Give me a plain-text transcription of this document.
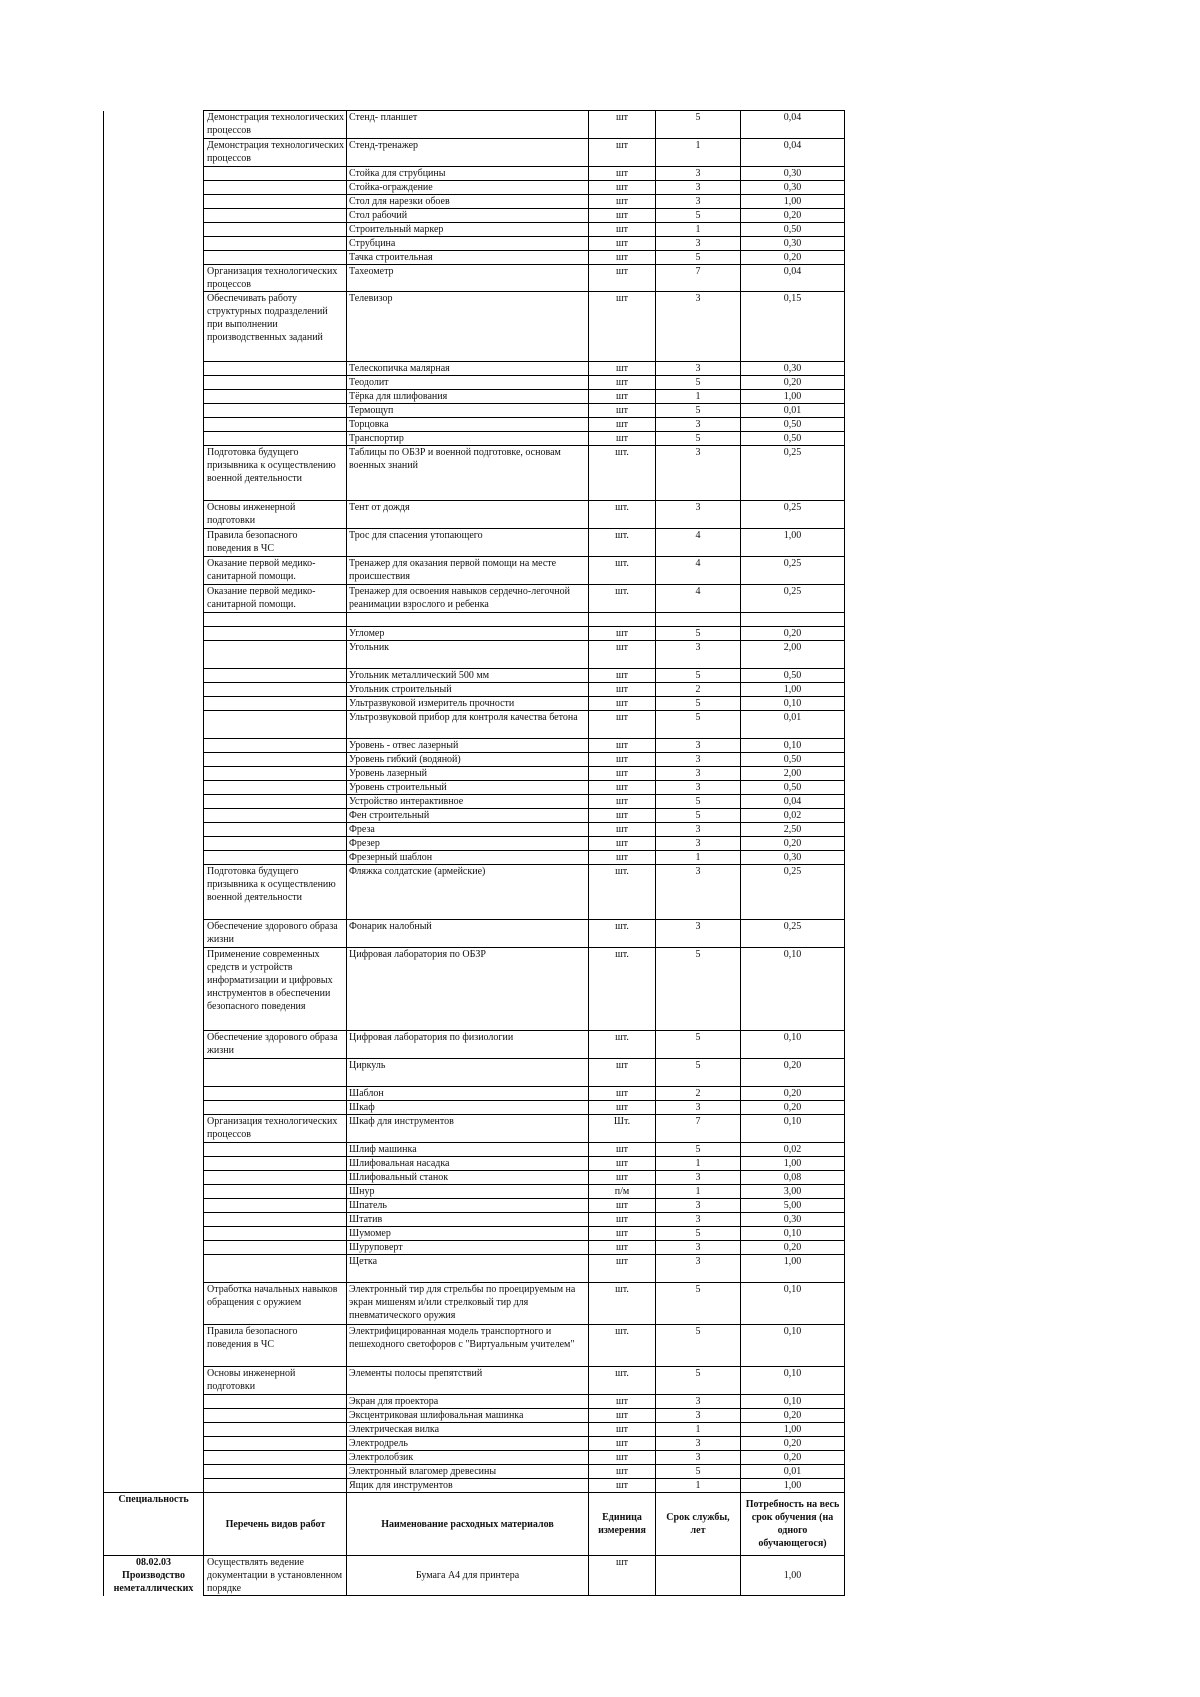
	Демонстрация технологических процессов	Стенд- планшет	шт	5	0,04
	Демонстрация технологических процессов	Стенд-тренажер	шт	1	0,04
		Стойка для струбцины	шт	3	0,30
		Стойка-ограждение	шт	3	0,30
		Стол для нарезки обоев	шт	3	1,00
		Стол рабочий	шт	5	0,20
		Строительный маркер	шт	1	0,50
		Струбцина	шт	3	0,30
		Тачка строительная	шт	5	0,20
	Организация технологических процессов	Тахеометр	шт	7	0,04
	Обеспечивать работу структурных подразделений при выполнении производственных заданий	Телевизор	шт	3	0,15
		Телескопичка малярная	шт	3	0,30
		Теодолит	шт	5	0,20
		Тёрка для шлифования	шт	1	1,00
		Термощуп	шт	5	0,01
		Торцовка	шт	3	0,50
		Транспортир	шт	5	0,50
	Подготовка будущего призывника к осуществлению военной деятельности	Таблицы по ОБЗР и военной подготовке, основам военных знаний	шт.	3	0,25
	Основы инженерной подготовки	Тент от дождя	шт.	3	0,25
	Правила безопасного поведения в ЧС	Трос для спасения утопающего	шт.	4	1,00
	Оказание первой медико-санитарной помощи.	Тренажер для оказания первой помощи на месте происшествия	шт.	4	0,25
	Оказание первой медико-санитарной помощи.	Тренажер для освоения навыков сердечно-легочной реанимации взрослого и ребенка	шт.	4	0,25

		Угломер	шт	5	0,20
		Угольник	шт	3	2,00
		Угольник металлический 500 мм	шт	5	0,50
		Угольник строительный	шт	2	1,00
		Ультразвуковой измеритель прочности	шт	5	0,10
		Ультрозвуковой прибор для контроля качества бетона	шт	5	0,01
		Уровень - отвес лазерный	шт	3	0,10
		Уровень гибкий (водяной)	шт	3	0,50
		Уровень лазерный	шт	3	2,00
		Уровень строительный	шт	3	0,50
		Устройство интерактивное	шт	5	0,04
		Фен строительный	шт	5	0,02
		Фреза	шт	3	2,50
		Фрезер	шт	3	0,20
		Фрезерный шаблон	шт	1	0,30
	Подготовка будущего призывника к осуществлению военной деятельности	Фляжка солдатские (армейские)	шт.	3	0,25
	Обеспечение здорового образа жизни	Фонарик налобный	шт.	3	0,25
	Применение современных средств и устройств информатизации и цифровых инструментов в обеспечении безопасного поведения	Цифровая лаборатория по ОБЗР	шт.	5	0,10
	Обеспечение здорового образа жизни	Цифровая лаборатория по физиологии	шт.	5	0,10
		Циркуль	шт	5	0,20
		Шаблон	шт	2	0,20
		Шкаф	шт	3	0,20
	Организация технологических процессов	Шкаф для инструментов	Шт.	7	0,10
		Шлиф машинка	шт	5	0,02
		Шлифовальная насадка	шт	1	1,00
		Шлифовальный станок	шт	3	0,08
		Шнур	п/м	1	3,00
		Шпатель	шт	3	5,00
		Штатив	шт	3	0,30
		Шумомер	шт	5	0,10
		Шуруповерт	шт	3	0,20
		Щетка	шт	3	1,00
	Отработка начальных навыков обращения с оружием	Электронный тир для стрельбы по проецируемым на экран мишеням и/или стрелковый тир для пневматического оружия	шт.	5	0,10
	Правила безопасного поведения в ЧС	Электрифицированная модель транспортного и пешеходного светофоров с "Виртуальным учителем"	шт.	5	0,10
	Основы инженерной подготовки	Элементы полосы препятствий	шт.	5	0,10
		Экран для проектора	шт	3	0,10
		Эксцентриковая шлифовальная машинка	шт	3	0,20
		Электрическая вилка	шт	1	1,00
		Электродрель	шт	3	0,20
		Электролобзик	шт	3	0,20
		Электронный влагомер древесины	шт	5	0,01
		Ящик для инструментов	шт	1	1,00
Специальность	Перечень видов работ	Наименование расходных материалов	Единица измерения	Срок службы, лет	Потребность на весь срок обучения (на одного обучающегося)
08.02.03 Производство неметаллических	Осуществлять ведение документации в установленном порядке	Бумага А4 для принтера	шт		1,00
